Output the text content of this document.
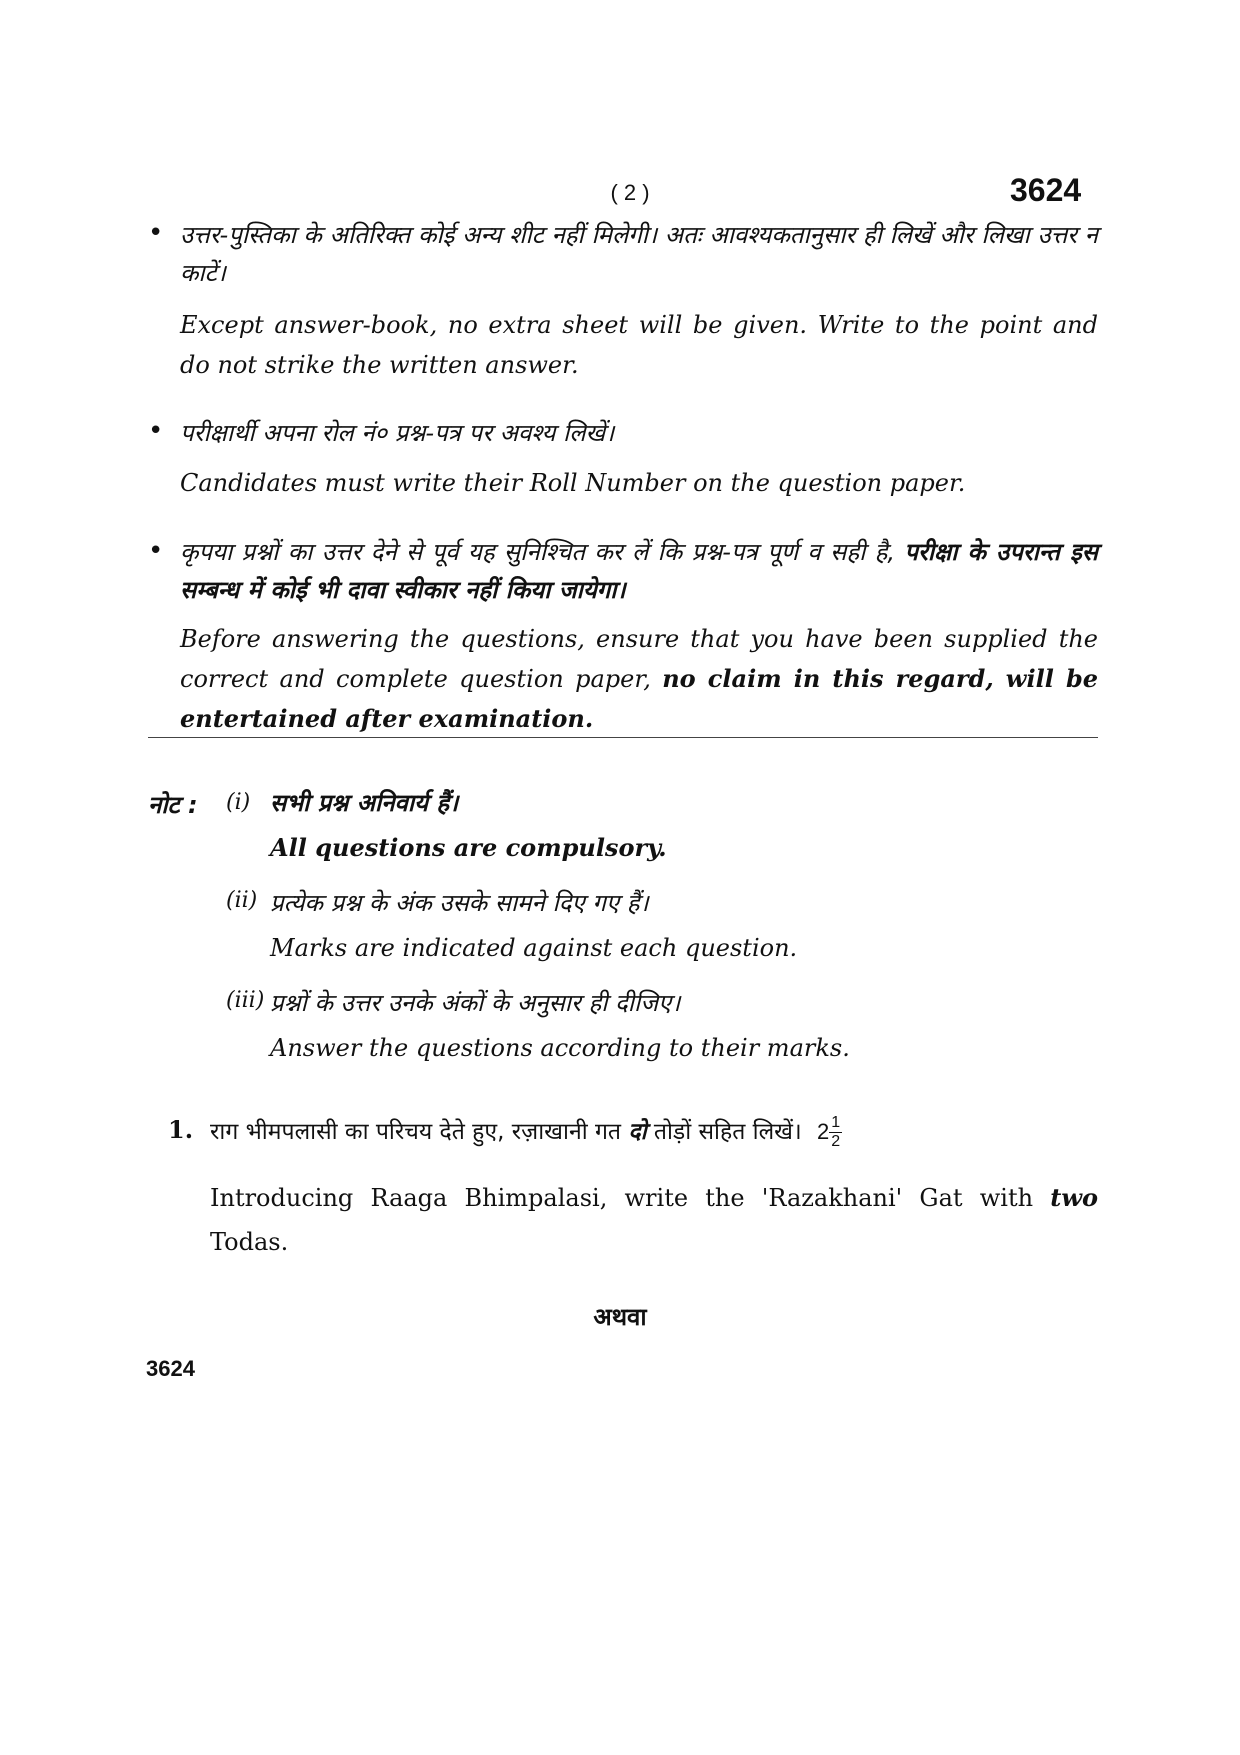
( 2 )	3624
• उत्तर-पुस्तिका के अतिरिक्त कोई अन्य शीट नहीं मिलेगी। अतः आवश्यकतानुसार ही लिखें और लिखा उत्तर न काटें।
Except answer-book, no extra sheet will be given. Write to the point and do not strike the written answer.
• परीक्षार्थी अपना रोल नं० प्रश्न-पत्र पर अवश्य लिखें।
Candidates must write their Roll Number on the question paper.
• कृपया प्रश्नों का उत्तर देने से पूर्व यह सुनिश्चित कर लें कि प्रश्न-पत्र पूर्ण व सही है, परीक्षा के उपरान्त इस सम्बन्ध में कोई भी दावा स्वीकार नहीं किया जायेगा।
Before answering the questions, ensure that you have been supplied the correct and complete question paper, no claim in this regard, will be entertained after examination.
नोट : (i) सभी प्रश्न अनिवार्य हैं।
All questions are compulsory.
(ii) प्रत्येक प्रश्न के अंक उसके सामने दिए गए हैं।
Marks are indicated against each question.
(iii) प्रश्नों के उत्तर उनके अंकों के अनुसार ही दीजिए।
Answer the questions according to their marks.
1. राग भीमपलासी का परिचय देते हुए, रज़ाखानी गत दो तोड़ों सहित लिखें। $2 \frac{1}{2}$
Introducing Raaga Bhimpalasi, write the 'Razakhani' Gat with two Todas.
अथवा
3624
